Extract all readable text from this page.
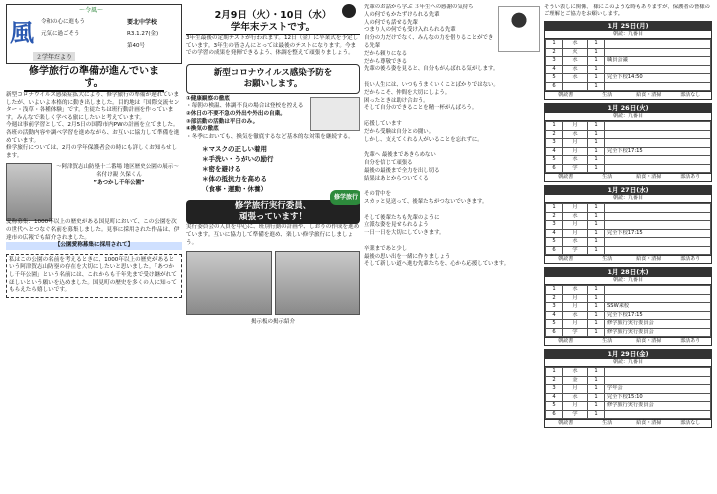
～令風～
風	令和の心に進もう
元気に過ごそう
要北中学校
R3.1.27(金)
第40号
２学年だより
修学旅行の準備が進んでいます。
新型コロナウイルス感染症拡大により、修学旅行の準備が遅れていましたが、いよいよ本格的に動き出しました。目的地は「国際交流センター・浅草・各種体験」です。生徒たちは班行動計画を作っています。みんなで楽しく学べる旅にしたいと考えています。
今週は事前学習として、2月5日の国際市内PWの計画を立てました。各班の活動内容や調べ学習を進めながら、お互いに協力して準備を進めています。
修学旅行については、2月の学年保護者会の時にも詳しくお知らせします。
〜阿津賀志山防塁十二番場 地区歴史公園の展示〜
名付け親 久保くん
”あつかし千年公園”
愛称募集：1000年以上の歴史がある国見町において、この公園を次の世代へとつなぐ名前を募集しました。見事に採用された作品は、伊達市の広報でも紹介されました。
【公園愛称募集に採用されて】
私はこの公園の名前を考えるときに、1000年以上の歴史があるという阿津賀志山防塁の存在を大切にしたいと思いました。「あつかし千年公園」という名前には、これからも千年先まで受け継がれてほしいという願いを込めました。国見町の歴史を多くの人に知ってもらえたら嬉しいです。
2月9日（火）・10日（水）
学年末テストです。
3年生最後の定期テストが行われます。12日（金）に卒業式を予定しています。3年生の皆さんにとっては最後のテストになります。今までの学習の成果を発揮できるよう、体調を整えて頑張りましょう。
新型コロナウイルス感染予防を
お願いします。
①健康観察の徹底
・毎朝の検温、体調不良の場合は登校を控える
②休日の不要不急の外出や外出の自粛。
③部活動の活動は平日のみ。
④換気の徹底
・冬季においても、換気を徹底するなど基本的な対策を継続する。
＊マスクの正しい着用
＊手洗い・うがいの励行
＊密を避ける
＊体の抵抗力を高める
（食事・運動・休養）
修学旅行実行委員、
頑張っています！
修学旅行
実行委員会の人員を中心に、班別行動の計画や、しおりの作成を進めています。互いに協力して準備を進め、楽しい修学旅行にしましょう。
掲示板の掲示紹介
先輩のお話から学ぶ ３年生への感謝の気持ち
人の何でもかたずけられる先輩
人の何でも話せる先輩
つまり人の何でも受け入れられる先輩
自分の力だけでなく、みんなの力を借りることができる先輩
だから頼りになる
だから尊敬できる
先輩の後ろ姿を見ると、自分もがんばれる気がします。

長い人生には、いつもうまくいくことばかりではない。
だからこそ、仲間を大切にしよう。
困ったときは助け合おう。
そして自分のできることを精一杯がんばろう。

応援しています
だから受験は自分との闘い。
しかし、支えてくれる人がいることを忘れずに。

先輩へ 最後まであきらめない
自分を信じて頑張る
最後の最後まで全力を出し切る
結果はあとからついてくる

その背中を
スカッと見送って、後輩たちがつないでいきます。

そして後輩たちも先輩のように
立派な姿を見せられるよう
一日一日を大切にしていきます。

卒業まであと少し
最後の思い出を一緒に作りましょう
そして新しい道へ進む先輩たちを、心から応援しています。
そうい表しに関係、 様にこのような時もありますが、保護者の皆様のご理解とご協力をお願いします。
1月 25日(月)
朝読：九番目
1	水	1	
2	火	1	
3	水	1	職員会議
4	水	1	
5	水	1	完全下校14:50
6		1	
朝読書	生活	給食・清掃	部活なし
1月 26日(火)
朝読：九番目
1	月	1	
2	水	1	
3	月	1	
4	月	1	完全下校17:15
5	水	1	
6	学	1	
朝読書	生活	給食・清掃	部活あり
1月 27日(水)
朝読：九番目
1	月	1	
2	水	1	
3	月	1	
4	月	1	完全下校17:15
5	水	1	
6	学	1	
朝読書	生活	給食・清掃	部活あり
1月 28日(木)
朝読：九番目
1	水	1	
2	月	1	
3	月	1	SSW来校
4	水	1	完全下校17:15
5	月	1	修学旅行実行委員会
6	学	1	修学旅行実行委員会
朝読書	生活	給食・清掃	部活あり
1月 29日(金)
朝読：九番目
1	水	1	
2	金	1	
3	月	1	学年会
4	水	1	完全下校15:10
5	月	1	修学旅行実行委員会
6	学	1	
朝読書	生活	給食・清掃	部活なし
